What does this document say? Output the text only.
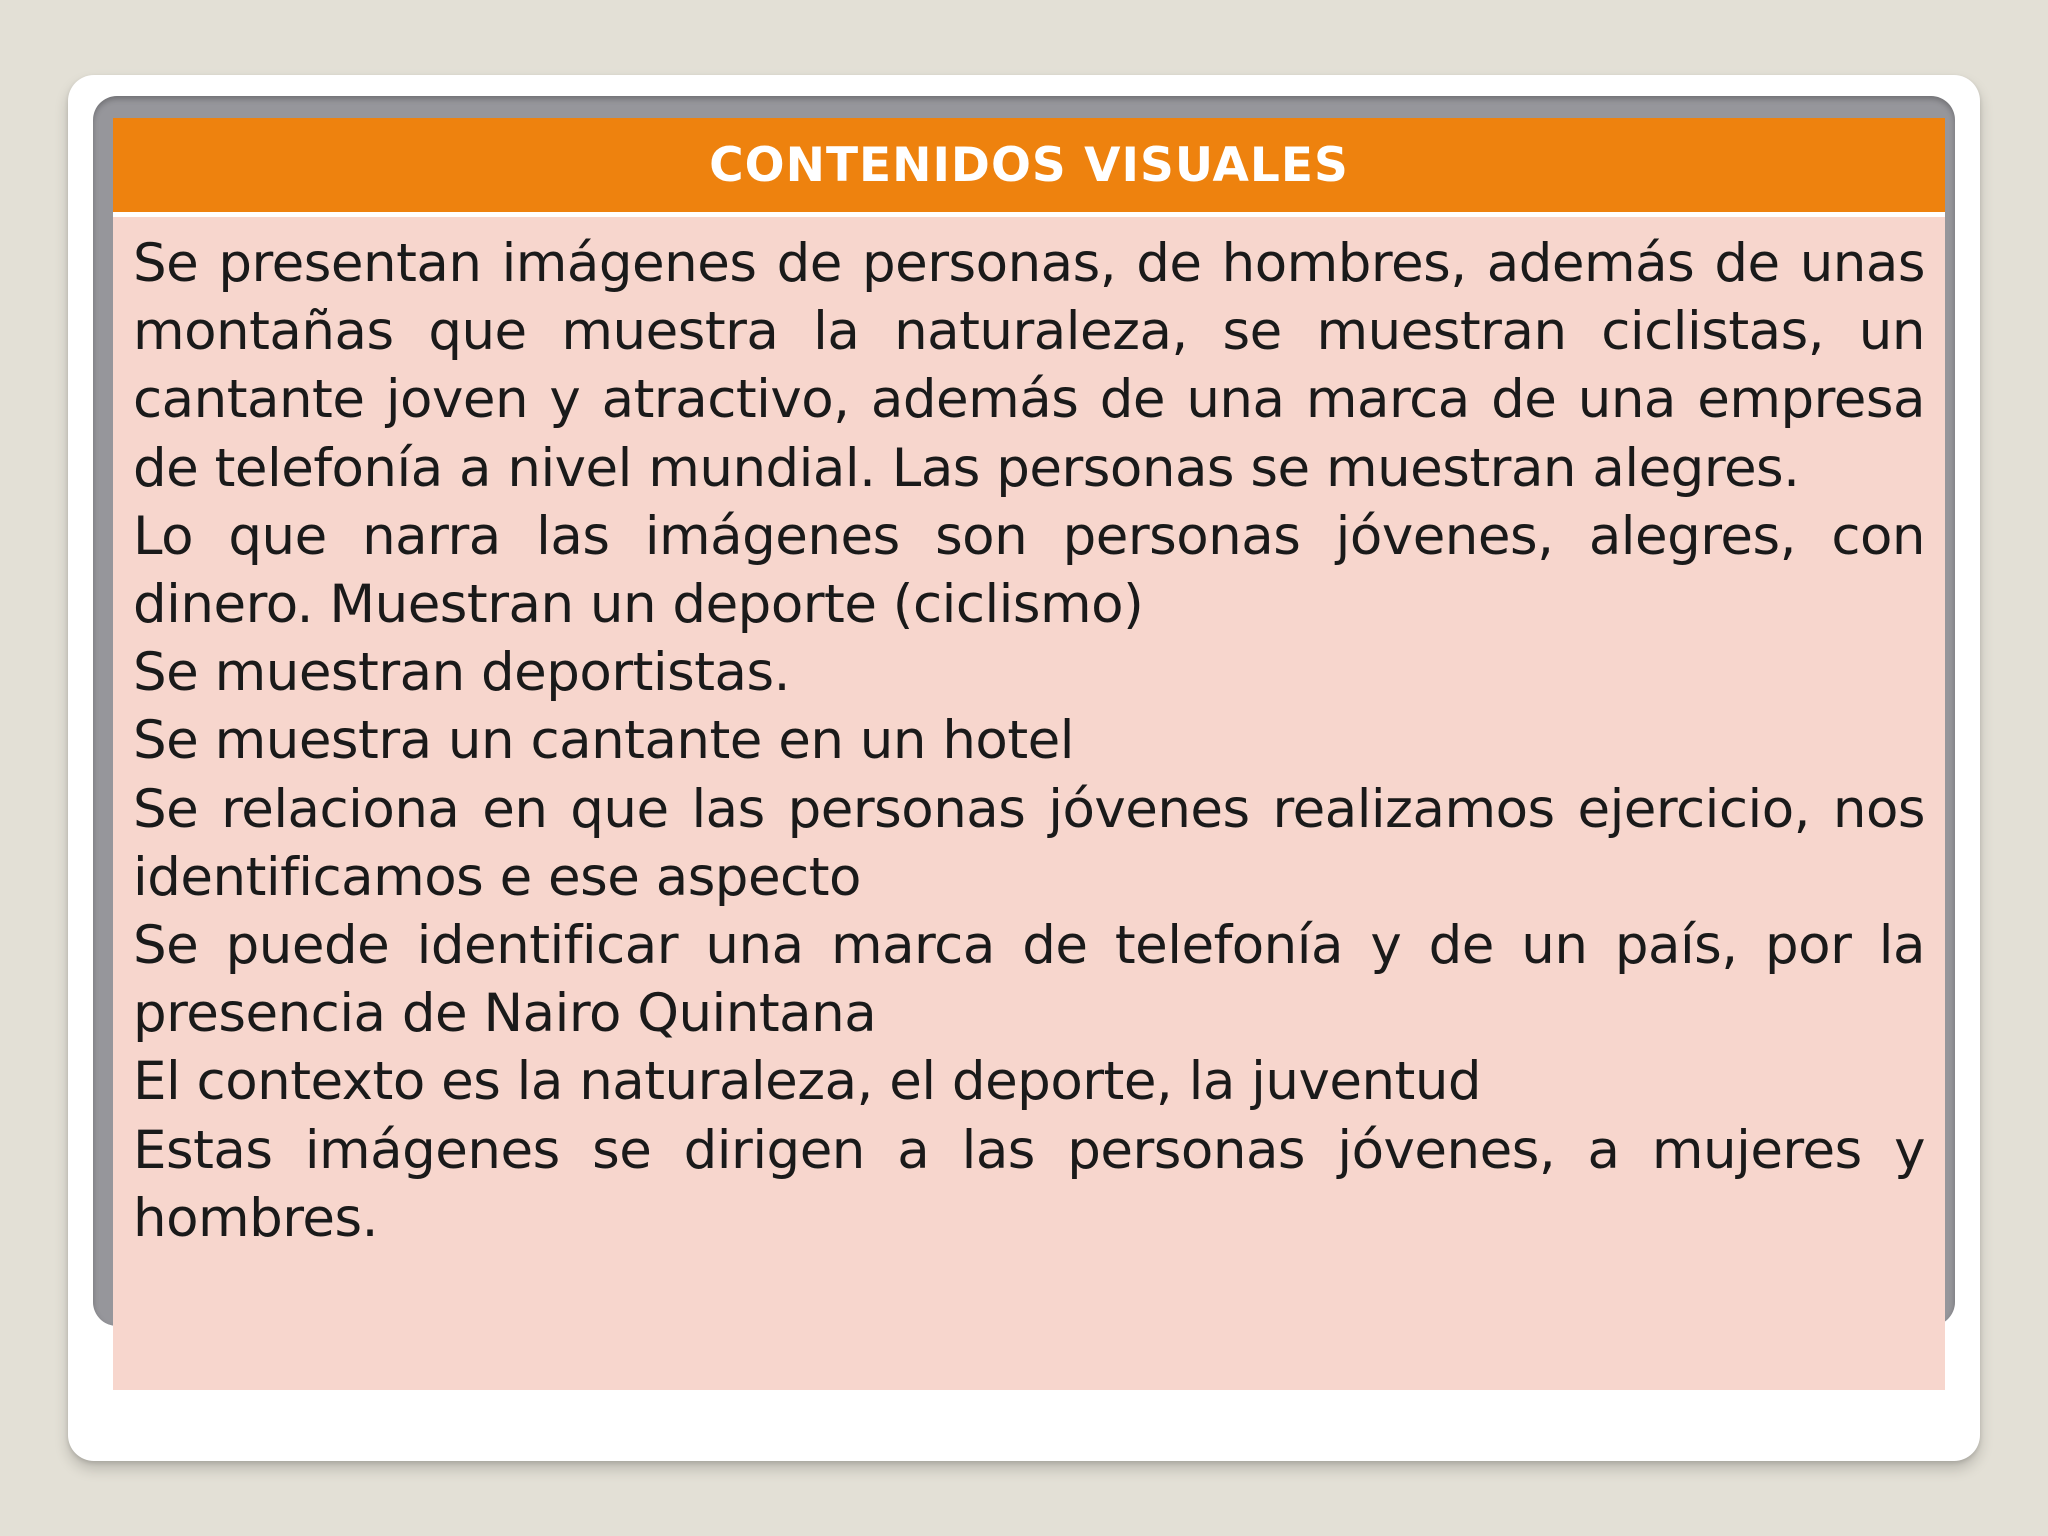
CONTENIDOS VISUALES

Se presentan imágenes de personas, de hombres, además de unas montañas que muestra la naturaleza, se muestran ciclistas, un cantante joven y atractivo, además de una marca de una empresa de telefonía a nivel mundial. Las personas se muestran alegres.

Lo que narra las imágenes son personas jóvenes, alegres, con dinero. Muestran un deporte (ciclismo)

Se muestran deportistas.

Se muestra un cantante en un hotel

Se relaciona en que las personas jóvenes realizamos ejercicio, nos identificamos e ese aspecto

Se puede identificar una marca de telefonía y de un país, por la presencia de Nairo Quintana

El contexto es la naturaleza, el deporte, la juventud

Estas imágenes se dirigen a las personas jóvenes, a mujeres y hombres.
